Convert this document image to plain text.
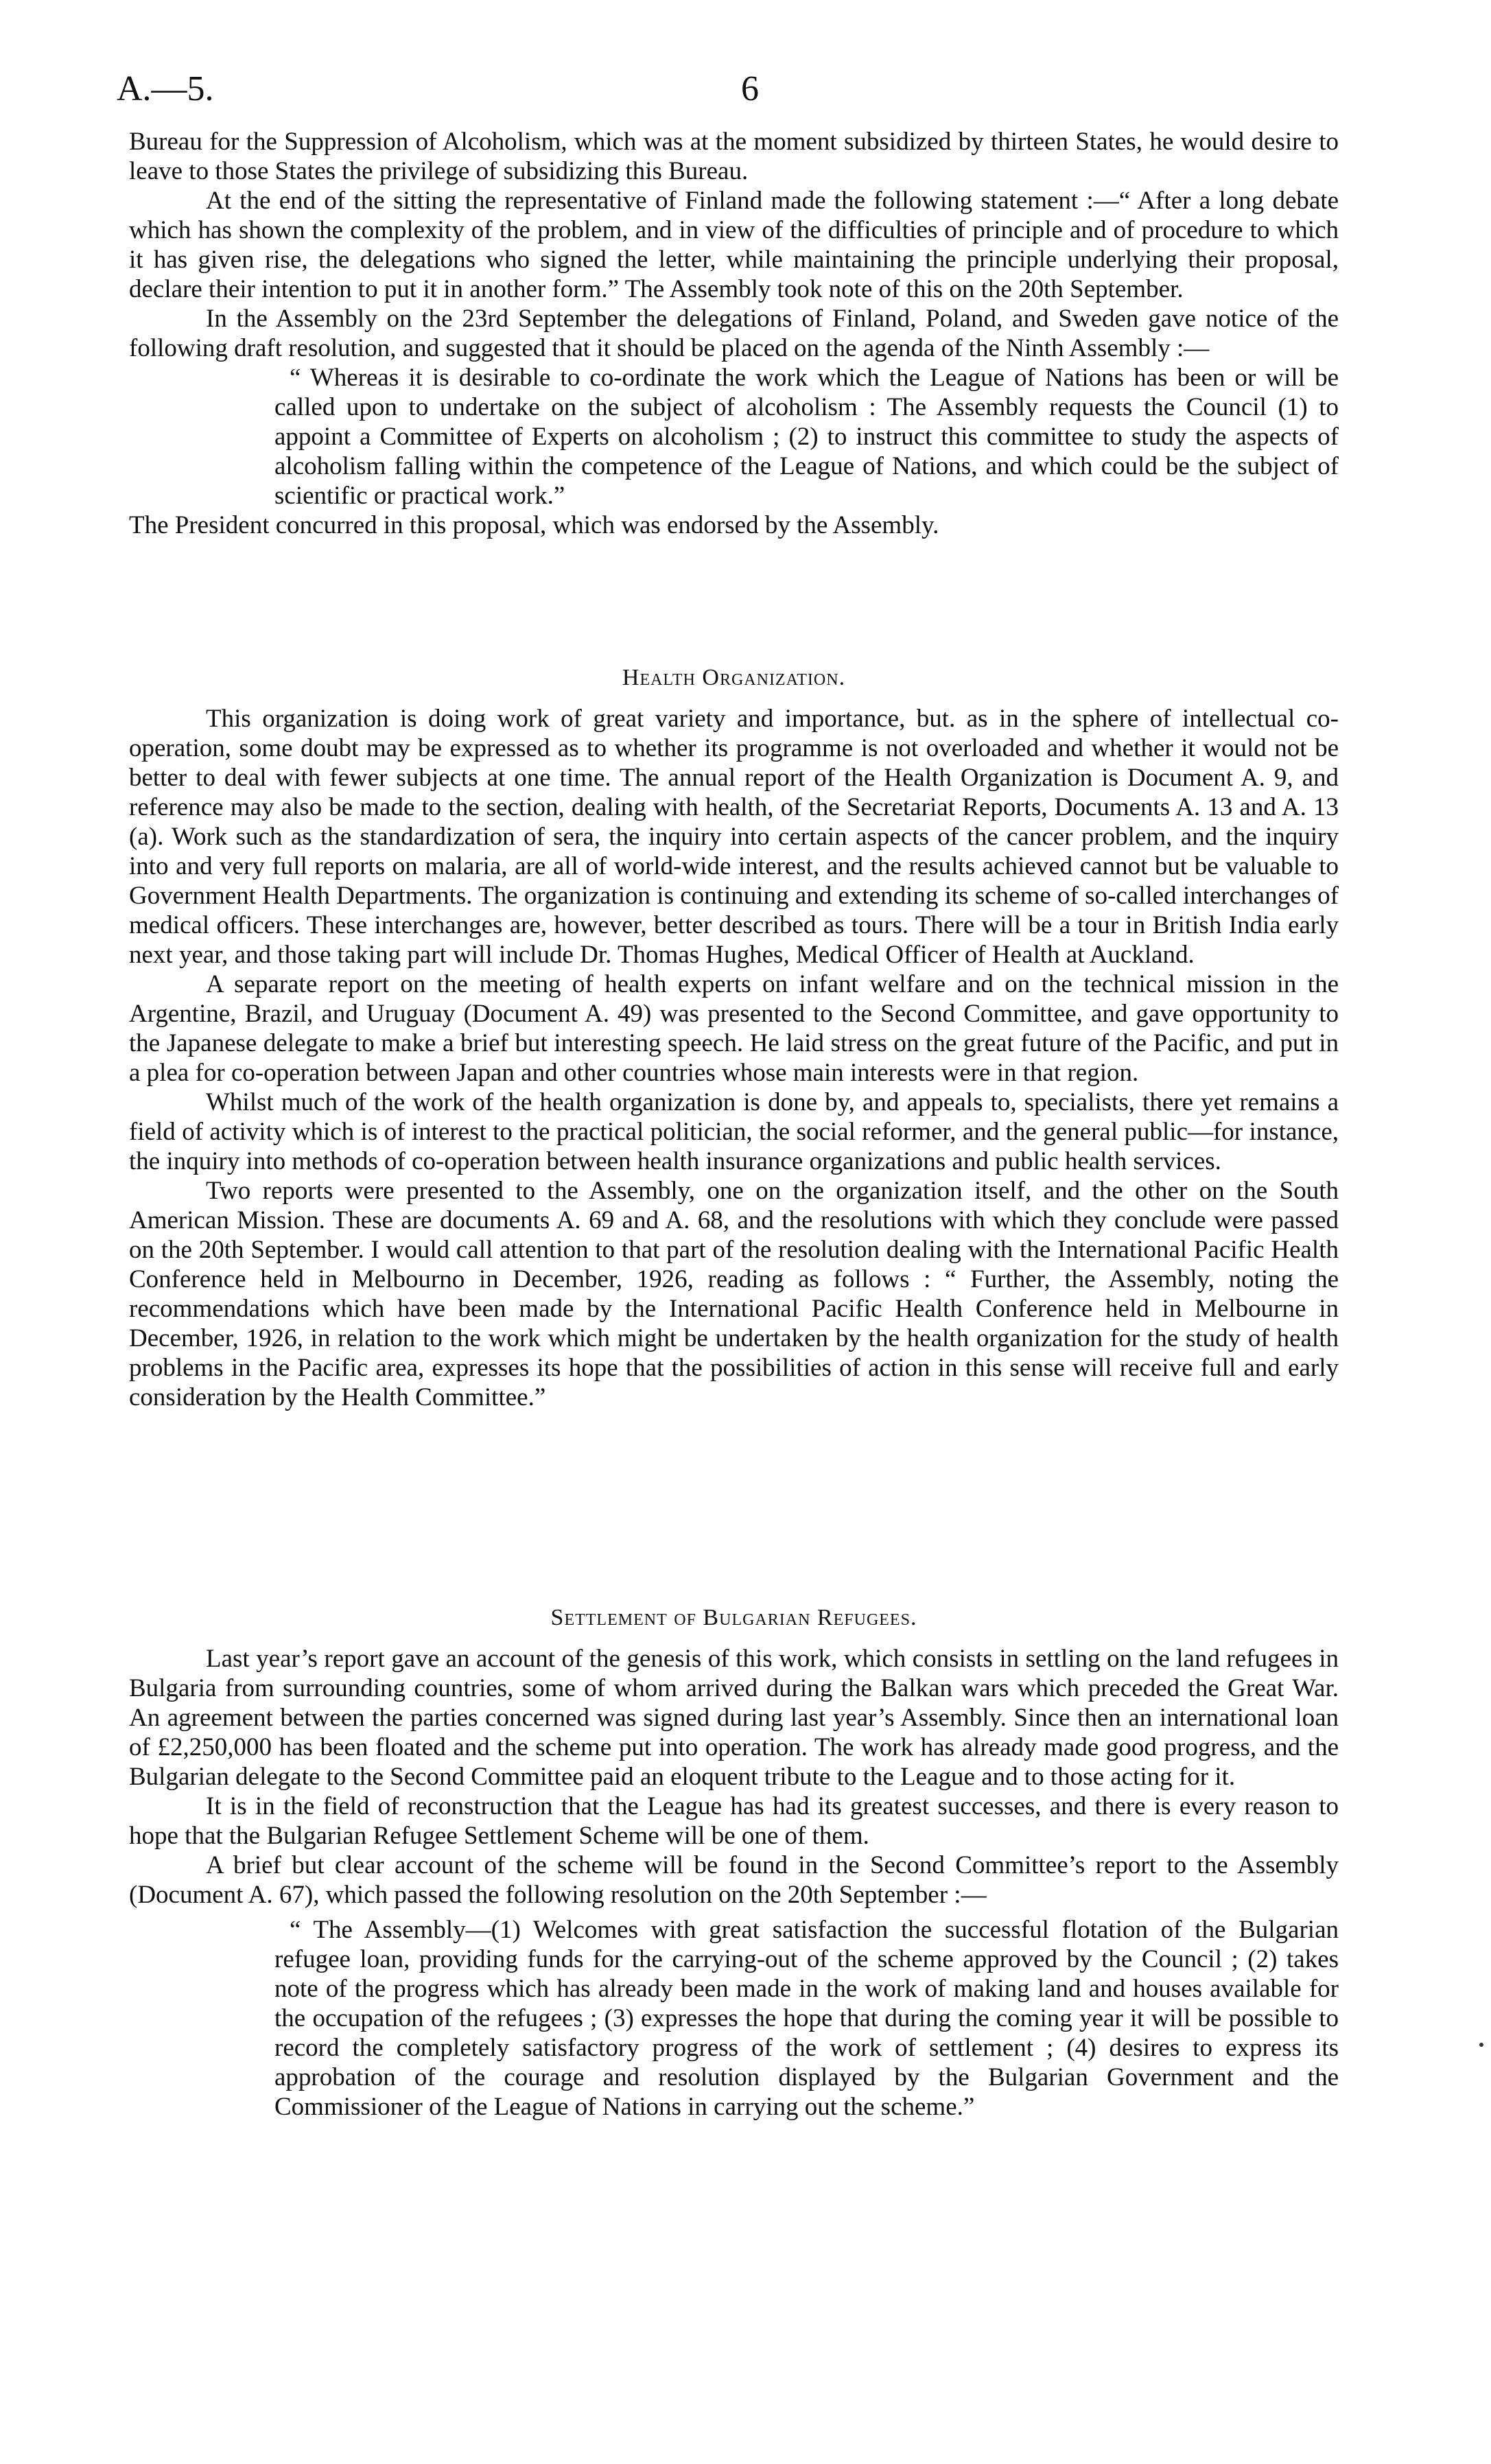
A.—5.	6

Bureau for the Suppression of Alcoholism, which was at the moment subsidized by thirteen States, he would desire to leave to those States the privilege of subsidizing this Bureau.

At the end of the sitting the representative of Finland made the following statement :—“ After a long debate which has shown the complexity of the problem, and in view of the difficulties of principle and of procedure to which it has given rise, the delegations who signed the letter, while maintaining the principle underlying their proposal, declare their intention to put it in another form.” The Assembly took note of this on the 20th September.

In the Assembly on the 23rd September the delegations of Finland, Poland, and Sweden gave notice of the following draft resolution, and suggested that it should be placed on the agenda of the Ninth Assembly :—

“ Whereas it is desirable to co-ordinate the work which the League of Nations has been or will be called upon to undertake on the subject of alcoholism : The Assembly requests the Council (1) to appoint a Committee of Experts on alcoholism ; (2) to instruct this committee to study the aspects of alcoholism falling within the competence of the League of Nations, and which could be the subject of scientific or practical work.”

The President concurred in this proposal, which was endorsed by the Assembly.

Health Organization.

This organization is doing work of great variety and importance, but. as in the sphere of intellectual co-operation, some doubt may be expressed as to whether its programme is not overloaded and whether it would not be better to deal with fewer subjects at one time. The annual report of the Health Organization is Document A. 9, and reference may also be made to the section, dealing with health, of the Secretariat Reports, Documents A. 13 and A. 13 (a). Work such as the standardization of sera, the inquiry into certain aspects of the cancer problem, and the inquiry into and very full reports on malaria, are all of world-wide interest, and the results achieved cannot but be valuable to Government Health Departments. The organization is continuing and extending its scheme of so-called interchanges of medical officers. These interchanges are, however, better described as tours. There will be a tour in British India early next year, and those taking part will include Dr. Thomas Hughes, Medical Officer of Health at Auckland.

A separate report on the meeting of health experts on infant welfare and on the technical mission in the Argentine, Brazil, and Uruguay (Document A. 49) was presented to the Second Committee, and gave opportunity to the Japanese delegate to make a brief but interesting speech. He laid stress on the great future of the Pacific, and put in a plea for co-operation between Japan and other countries whose main interests were in that region.

Whilst much of the work of the health organization is done by, and appeals to, specialists, there yet remains a field of activity which is of interest to the practical politician, the social reformer, and the general public—for instance, the inquiry into methods of co-operation between health insurance organizations and public health services.

Two reports were presented to the Assembly, one on the organization itself, and the other on the South American Mission. These are documents A. 69 and A. 68, and the resolutions with which they conclude were passed on the 20th September. I would call attention to that part of the resolution dealing with the International Pacific Health Conference held in Melbourno in December, 1926, reading as follows : “ Further, the Assembly, noting the recommendations which have been made by the International Pacific Health Conference held in Melbourne in December, 1926, in relation to the work which might be undertaken by the health organization for the study of health problems in the Pacific area, expresses its hope that the possibilities of action in this sense will receive full and early consideration by the Health Committee.”

Settlement of Bulgarian Refugees.

Last year’s report gave an account of the genesis of this work, which consists in settling on the land refugees in Bulgaria from surrounding countries, some of whom arrived during the Balkan wars which preceded the Great War. An agreement between the parties concerned was signed during last year’s Assembly. Since then an international loan of £2,250,000 has been floated and the scheme put into operation. The work has already made good progress, and the Bulgarian delegate to the Second Committee paid an eloquent tribute to the League and to those acting for it.

It is in the field of reconstruction that the League has had its greatest successes, and there is every reason to hope that the Bulgarian Refugee Settlement Scheme will be one of them.

A brief but clear account of the scheme will be found in the Second Committee’s report to the Assembly (Document A. 67), which passed the following resolution on the 20th September :—

“ The Assembly—(1) Welcomes with great satisfaction the successful flotation of the Bulgarian refugee loan, providing funds for the carrying-out of the scheme approved by the Council ; (2) takes note of the progress which has already been made in the work of making land and houses available for the occupation of the refugees ; (3) expresses the hope that during the coming year it will be possible to record the completely satisfactory progress of the work of settlement ; (4) desires to express its approbation of the courage and resolution displayed by the Bulgarian Government and the Commissioner of the League of Nations in carrying out the scheme.”
